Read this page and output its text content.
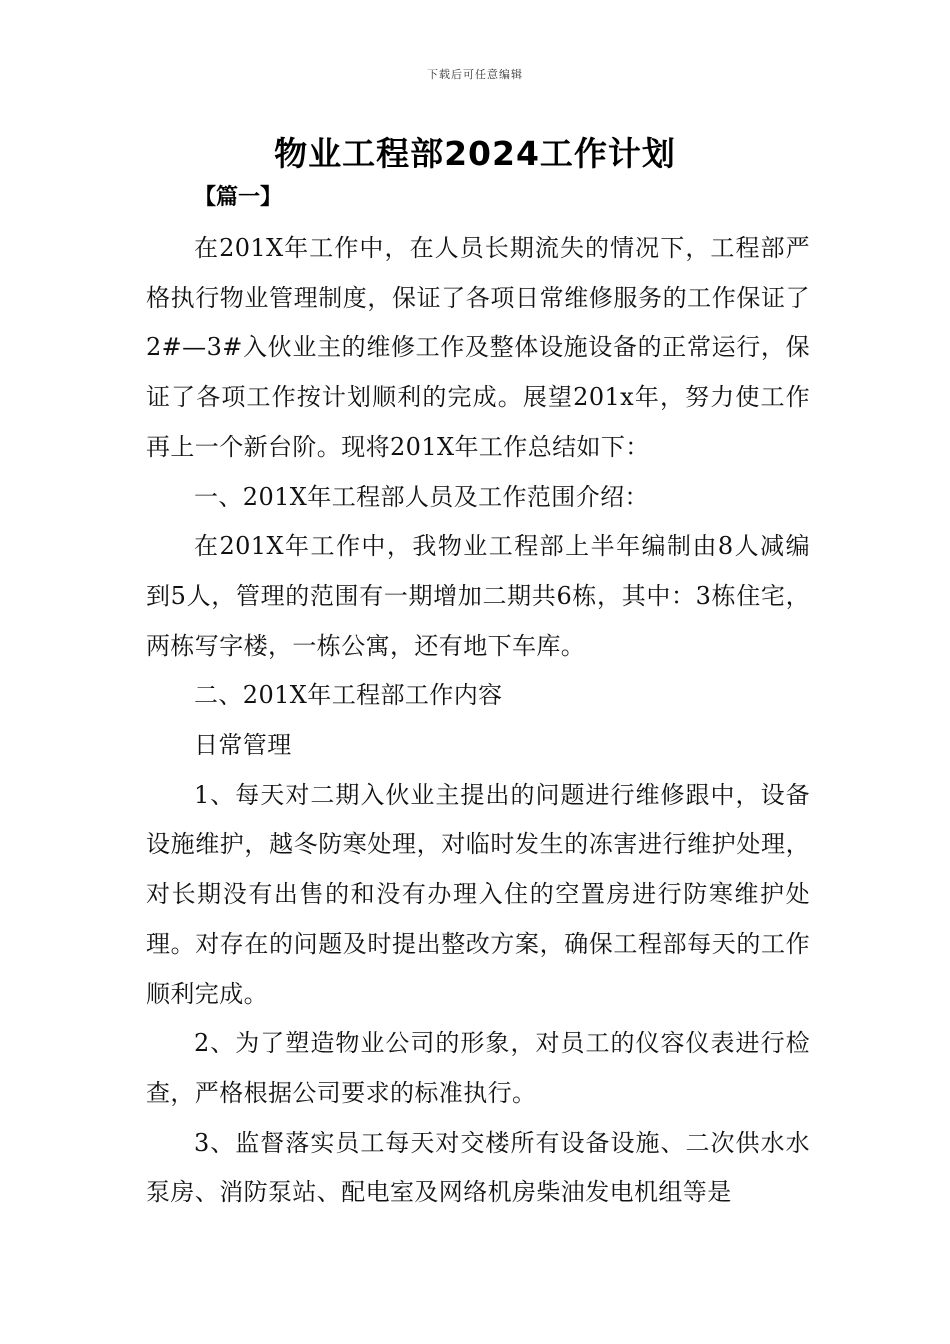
下载后可任意编辑
物业工程部2024工作计划
【篇一】

在201X年工作中，在人员长期流失的情况下，工程部严格执行物业管理制度，保证了各项日常维修服务的工作保证了2#—3#入伙业主的维修工作及整体设施设备的正常运行，保证了各项工作按计划顺利的完成。展望201x年，努力使工作再上一个新台阶。现将201X年工作总结如下：

一、201X年工程部人员及工作范围介绍：

在201X年工作中，我物业工程部上半年编制由8人减编到5人，管理的范围有一期增加二期共6栋，其中：3栋住宅，两栋写字楼，一栋公寓，还有地下车库。

二、201X年工程部工作内容

日常管理

1、每天对二期入伙业主提出的问题进行维修跟中，设备设施维护，越冬防寒处理，对临时发生的冻害进行维护处理，对长期没有出售的和没有办理入住的空置房进行防寒维护处理。对存在的问题及时提出整改方案，确保工程部每天的工作顺利完成。

2、为了塑造物业公司的形象，对员工的仪容仪表进行检查，严格根据公司要求的标准执行。

3、监督落实员工每天对交楼所有设备设施、二次供水水泵房、消防泵站、配电室及网络机房柴油发电机组等是
